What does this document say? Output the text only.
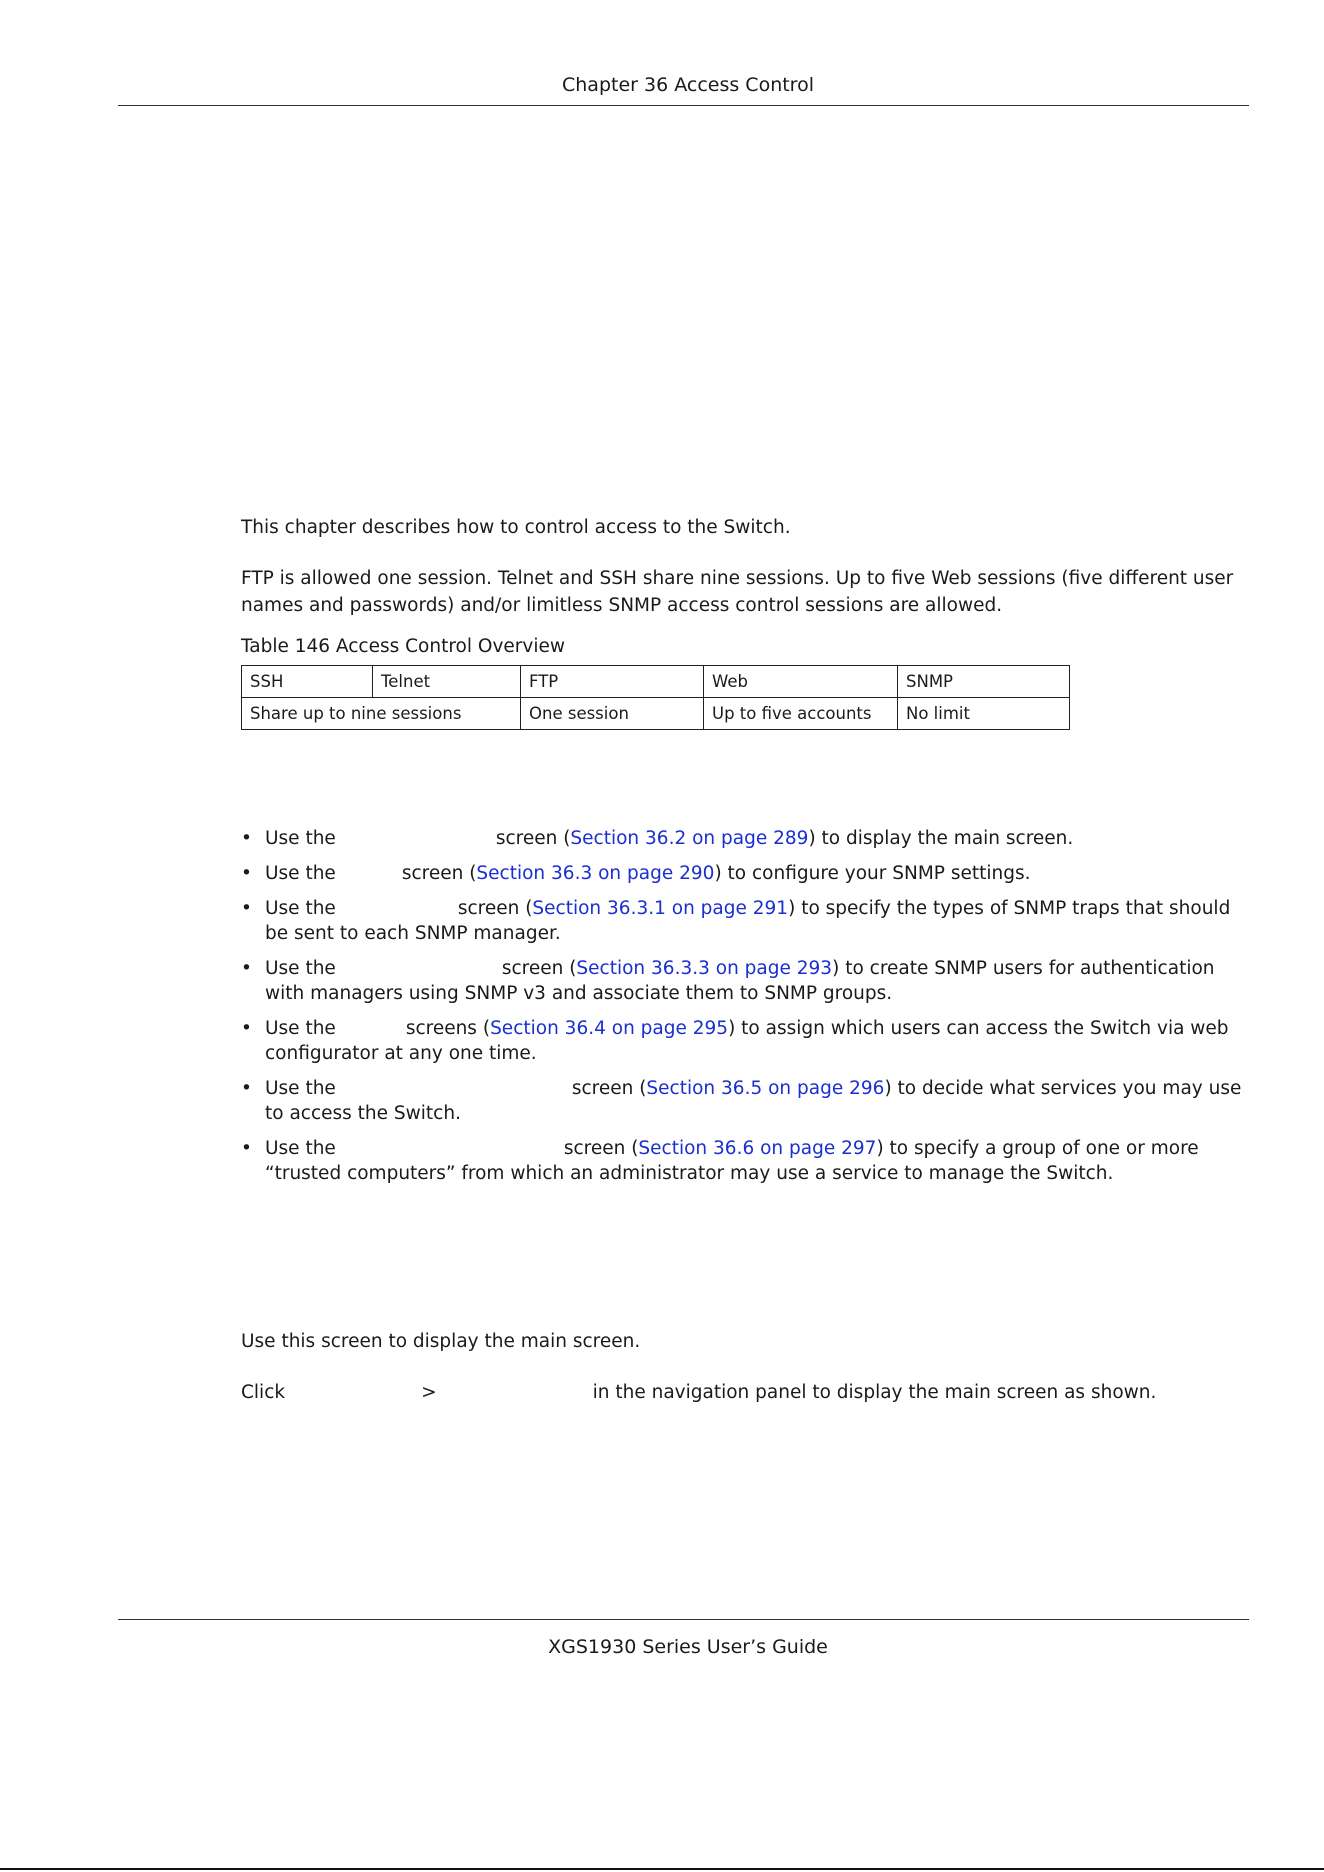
Chapter 36 Access Control
This chapter describes how to control access to the Switch.
FTP is allowed one session. Telnet and SSH share nine sessions. Up to five Web sessions (five different user names and passwords) and/or limitless SNMP access control sessions are allowed.
Table 146 Access Control Overview
SSH	Telnet	FTP	Web	SNMP
Share up to nine sessions		One session	Up to five accounts	No limit
• Use the	screen (Section 36.2 on page 289) to display the main screen.
• Use the	screen (Section 36.3 on page 290) to configure your SNMP settings.
• Use the	screen (Section 36.3.1 on page 291) to specify the types of SNMP traps that should be sent to each SNMP manager.
• Use the	screen (Section 36.3.3 on page 293) to create SNMP users for authentication with managers using SNMP v3 and associate them to SNMP groups.
• Use the	screens (Section 36.4 on page 295) to assign which users can access the Switch via web configurator at any one time.
• Use the	screen (Section 36.5 on page 296) to decide what services you may use to access the Switch.
• Use the	screen (Section 36.6 on page 297) to specify a group of one or more “trusted computers” from which an administrator may use a service to manage the Switch.
Use this screen to display the main screen.
Click	>	in the navigation panel to display the main screen as shown.
XGS1930 Series User’s Guide
